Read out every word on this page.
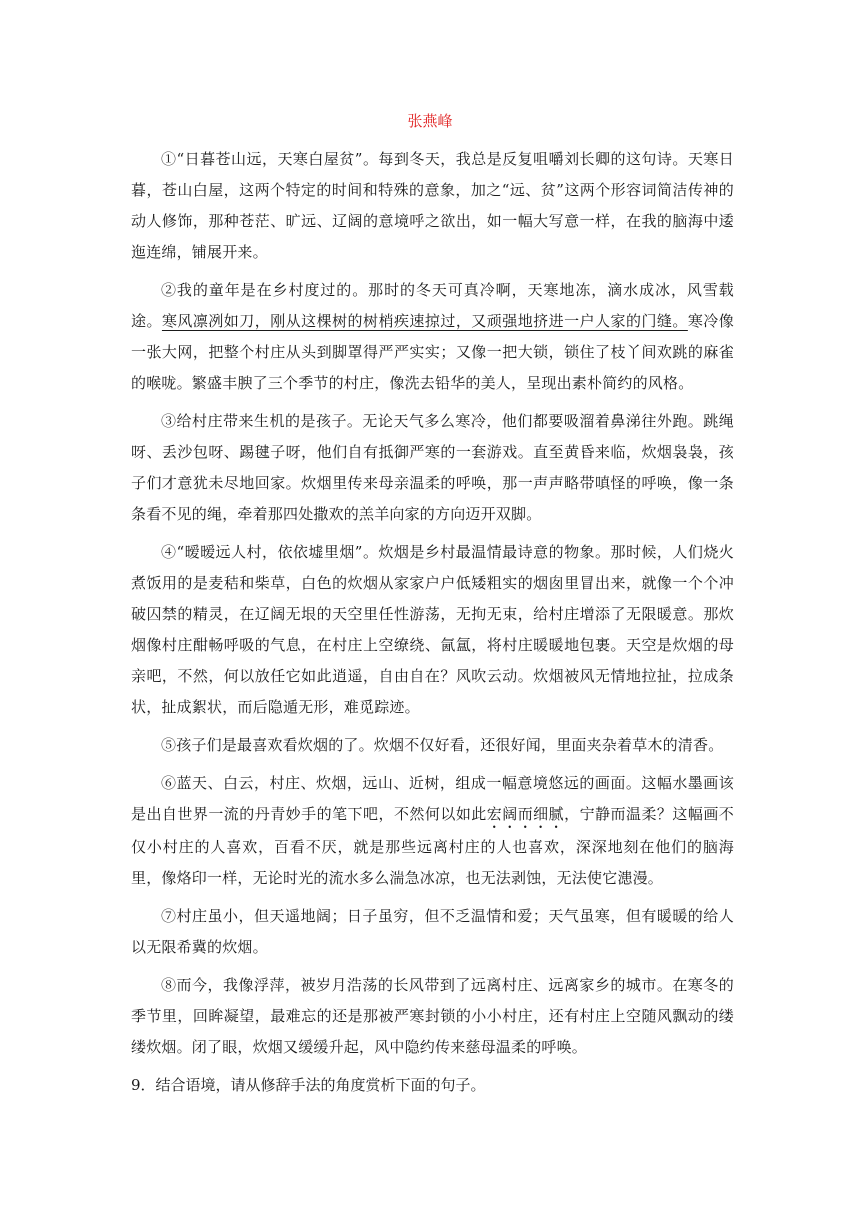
张燕峰

①“日暮苍山远，天寒白屋贫”。每到冬天，我总是反复咀嚼刘长卿的这句诗。天寒日暮，苍山白屋，这两个特定的时间和特殊的意象，加之“远、贫”这两个形容词简洁传神的动人修饰，那种苍茫、旷远、辽阔的意境呼之欲出，如一幅大写意一样，在我的脑海中逶迤连绵，铺展开来。

②我的童年是在乡村度过的。那时的冬天可真冷啊，天寒地冻，滴水成冰，风雪载途。寒风凛冽如刀，刚从这棵树的树梢疾速掠过，又顽强地挤进一户人家的门缝。寒冷像一张大网，把整个村庄从头到脚罩得严严实实；又像一把大锁，锁住了枝丫间欢跳的麻雀的喉咙。繁盛丰腴了三个季节的村庄，像洗去铅华的美人，呈现出素朴简约的风格。

③给村庄带来生机的是孩子。无论天气多么寒冷，他们都要吸溜着鼻涕往外跑。跳绳呀、丢沙包呀、踢毽子呀，他们自有抵御严寒的一套游戏。直至黄昏来临，炊烟袅袅，孩子们才意犹未尽地回家。炊烟里传来母亲温柔的呼唤，那一声声略带嗔怪的呼唤，像一条条看不见的绳，牵着那四处撒欢的羔羊向家的方向迈开双脚。

④“暧暧远人村，依依墟里烟”。炊烟是乡村最温情最诗意的物象。那时候，人们烧火煮饭用的是麦秸和柴草，白色的炊烟从家家户户低矮粗实的烟囱里冒出来，就像一个个冲破囚禁的精灵，在辽阔无垠的天空里任性游荡，无拘无束，给村庄增添了无限暖意。那炊烟像村庄酣畅呼吸的气息，在村庄上空缭绕、氤氲，将村庄暖暖地包裹。天空是炊烟的母亲吧，不然，何以放任它如此逍遥，自由自在？风吹云动。炊烟被风无情地拉扯，拉成条状，扯成絮状，而后隐遁无形，难觅踪迹。

⑤孩子们是最喜欢看炊烟的了。炊烟不仅好看，还很好闻，里面夹杂着草木的清香。

⑥蓝天、白云，村庄、炊烟，远山、近树，组成一幅意境悠远的画面。这幅水墨画该是出自世界一流的丹青妙手的笔下吧，不然何以如此宏阔而细腻，宁静而温柔？这幅画不仅小村庄的人喜欢，百看不厌，就是那些远离村庄的人也喜欢，深深地刻在他们的脑海里，像烙印一样，无论时光的流水多么湍急冰凉，也无法剥蚀，无法使它漶漫。

⑦村庄虽小，但天遥地阔；日子虽穷，但不乏温情和爱；天气虽寒，但有暖暖的给人以无限希冀的炊烟。

⑧而今，我像浮萍，被岁月浩荡的长风带到了远离村庄、远离家乡的城市。在寒冬的季节里，回眸凝望，最难忘的还是那被严寒封锁的小小村庄，还有村庄上空随风飘动的缕缕炊烟。闭了眼，炊烟又缓缓升起，风中隐约传来慈母温柔的呼唤。

9．结合语境，请从修辞手法的角度赏析下面的句子。
